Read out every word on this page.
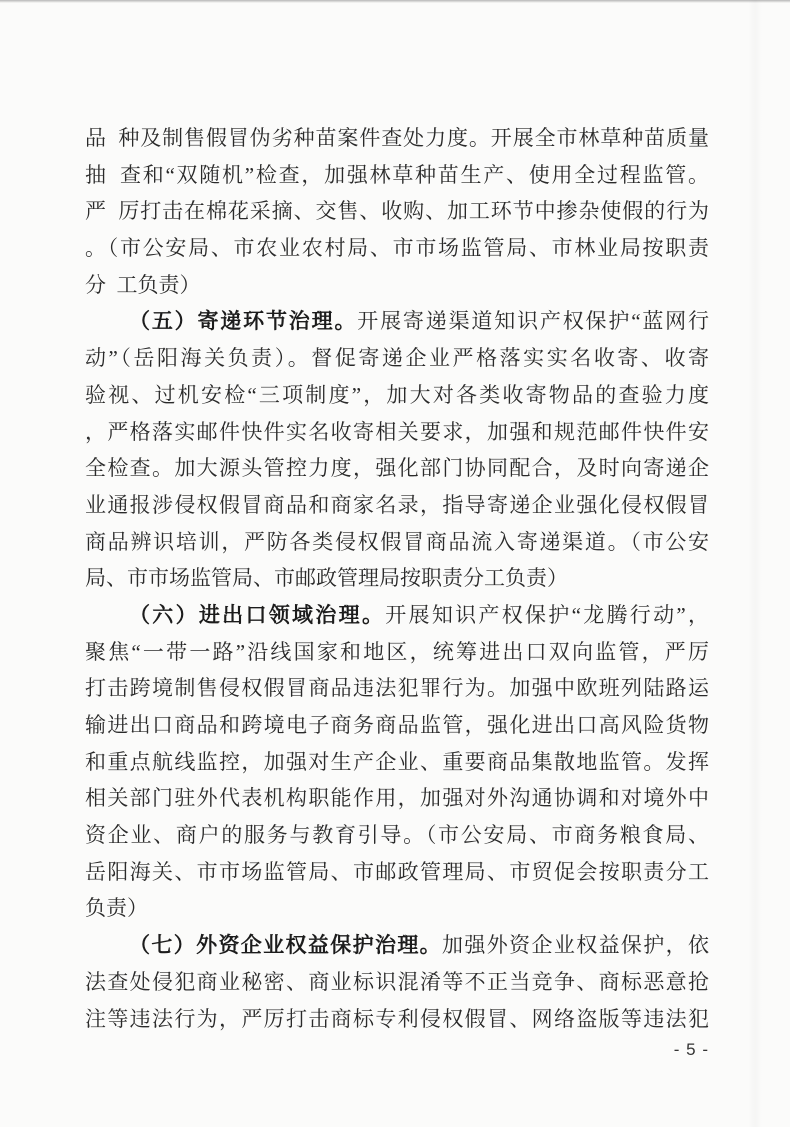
品 种及制售假冒伪劣种苗案件查处力度。开展全市林草种苗质量
抽 查和“双随机”检查，加强林草种苗生产、使用全过程监管。
严 厉打击在棉花采摘、交售、收购、加工环节中掺杂使假的行为
。（市公安局、市农业农村局、市市场监管局、市林业局按职责
分 工负责）
（五）寄递环节治理。开展寄递渠道知识产权保护“蓝网行
动”（岳阳海关负责）。督促寄递企业严格落实实名收寄、收寄
验视、过机安检“三项制度”，加大对各类收寄物品的查验力度
，严格落实邮件快件实名收寄相关要求，加强和规范邮件快件安
全检查。加大源头管控力度，强化部门协同配合，及时向寄递企
业通报涉侵权假冒商品和商家名录，指导寄递企业强化侵权假冒
商品辨识培训，严防各类侵权假冒商品流入寄递渠道。（市公安
局、市市场监管局、市邮政管理局按职责分工负责）
（六）进出口领域治理。开展知识产权保护“龙腾行动”，
聚焦“一带一路”沿线国家和地区，统筹进出口双向监管，严厉
打击跨境制售侵权假冒商品违法犯罪行为。加强中欧班列陆路运
输进出口商品和跨境电子商务商品监管，强化进出口高风险货物
和重点航线监控，加强对生产企业、重要商品集散地监管。发挥
相关部门驻外代表机构职能作用，加强对外沟通协调和对境外中
资企业、商户的服务与教育引导。（市公安局、市商务粮食局、
岳阳海关、市市场监管局、市邮政管理局、市贸促会按职责分工
负责）
（七）外资企业权益保护治理。加强外资企业权益保护，依
法查处侵犯商业秘密、商业标识混淆等不正当竞争、商标恶意抢
注等违法行为，严厉打击商标专利侵权假冒、网络盗版等违法犯
- 5 -
